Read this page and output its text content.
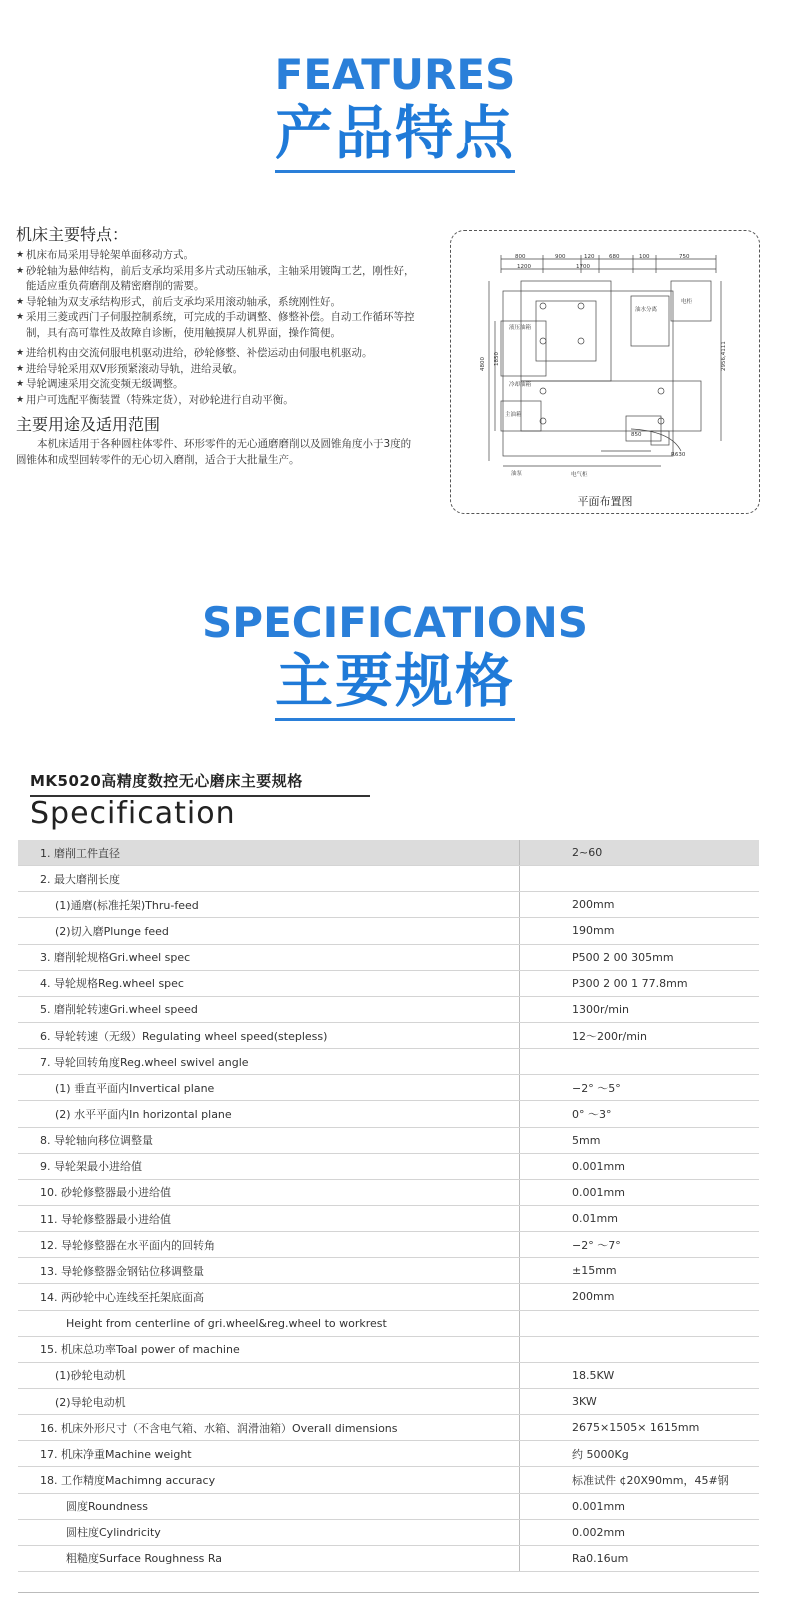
FEATURES
产品特点
机床主要特点：
★ 机床布局采用导轮架单面移动方式。
★ 砂轮轴为悬伸结构，前后支承均采用多片式动压轴承，主轴采用镀陶工艺，刚性好，能适应重负荷磨削及精密磨削的需要。
★ 导轮轴为双支承结构形式，前后支承均采用滚动轴承，系统刚性好。
★ 采用三菱或西门子伺服控制系统，可完成的手动调整、修整补偿。自动工作循环等控制，具有高可靠性及故障自诊断，使用触摸屏人机界面，操作简便。
★ 进给机构由交流伺服电机驱动进给，砂轮修整、补偿运动由伺服电机驱动。
★ 进给导轮采用双V形预紧滚动导轨，进给灵敏。
★ 导轮调速采用交流变频无级调整。
★ 用户可选配平衡装置（特殊定货），对砂轮进行自动平衡。
主要用途及适用范围
本机床适用于各种圆柱体零件、环形零件的无心通磨磨削以及圆锥角度小于3度的圆锥体和成型回转零件的无心切入磨削，适合于大批量生产。
800	900	120	680	100	750
1200	1700
电柜
液压油箱
冷却油箱
油水分离
主油箱
850
R630
电气柜
油泵
4800 1850	2956,4111
平面布置图
SPECIFICATIONS
主要规格
MK5020高精度数控无心磨床主要规格
Specification
1. 磨削工件直径	2~60
2. 最大磨削长度	
(1)通磨(标准托架)Thru-feed	200mm
(2)切入磨Plunge feed	190mm
3. 磨削轮规格Gri.wheel spec	P500 2 00 305mm
4. 导轮规格Reg.wheel spec	P300 2 00 1 77.8mm
5. 磨削轮转速Gri.wheel speed	1300r/min
6. 导轮转速（无级）Regulating wheel speed(stepless)	12～200r/min
7. 导轮回转角度Reg.wheel swivel angle	
(1) 垂直平面内Invertical plane	−2° ～5°
(2) 水平平面内In horizontal plane	0° ～3°
8. 导轮轴向移位调整量	5mm
9. 导轮架最小进给值	0.001mm
10. 砂轮修整器最小进给值	0.001mm
11. 导轮修整器最小进给值	0.01mm
12. 导轮修整器在水平面内的回转角	−2° ～7°
13. 导轮修整器金钢钻位移调整量	±15mm
14. 两砂轮中心连线至托架底面高	200mm
Height from centerline of gri.wheel&reg.wheel to workrest	
15. 机床总功率Toal power of machine	
(1)砂轮电动机	18.5KW
(2)导轮电动机	3KW
16. 机床外形尺寸（不含电气箱、水箱、润滑油箱）Overall dimensions	2675×1505× 1615mm
17. 机床净重Machine weight	约 5000Kg
18. 工作精度Machimng accuracy	标准试件 ¢20X90mm，45#钢
圆度Roundness	0.001mm
圆柱度Cylindricity	0.002mm
粗糙度Surface Roughness Ra	Ra0.16um
